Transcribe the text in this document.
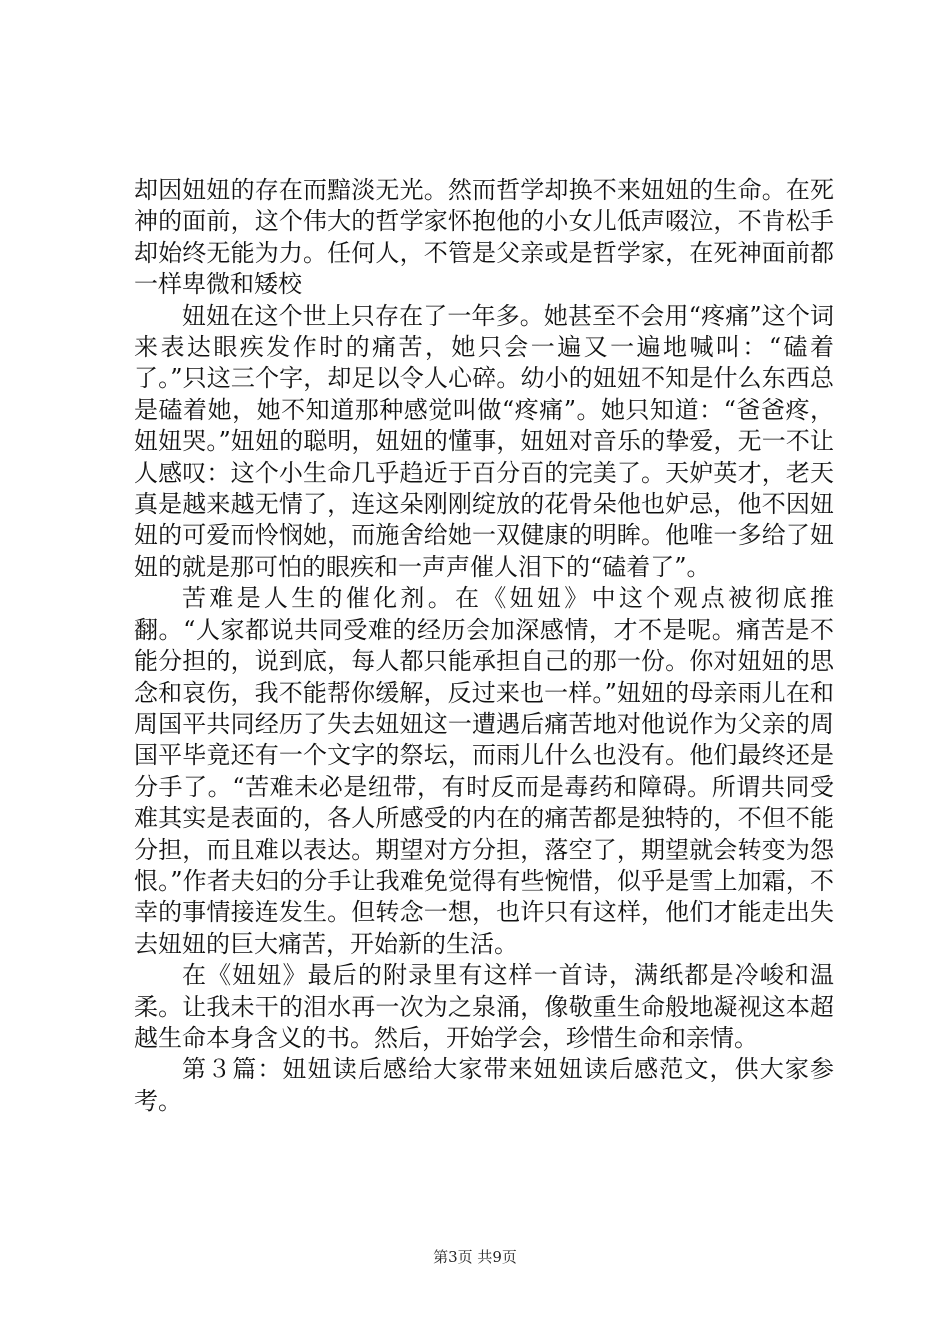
却因妞妞的存在而黯淡无光。然而哲学却换不来妞妞的生命。在死神的面前，这个伟大的哲学家怀抱他的小女儿低声啜泣，不肯松手却始终无能为力。任何人，不管是父亲或是哲学家，在死神面前都一样卑微和矮校

妞妞在这个世上只存在了一年多。她甚至不会用“疼痛”这个词来表达眼疾发作时的痛苦，她只会一遍又一遍地喊叫：“磕着了。”只这三个字，却足以令人心碎。幼小的妞妞不知是什么东西总是磕着她，她不知道那种感觉叫做“疼痛”。她只知道：“爸爸疼，妞妞哭。”妞妞的聪明，妞妞的懂事，妞妞对音乐的挚爱，无一不让人感叹：这个小生命几乎趋近于百分百的完美了。天妒英才，老天真是越来越无情了，连这朵刚刚绽放的花骨朵他也妒忌，他不因妞妞的可爱而怜悯她，而施舍给她一双健康的明眸。他唯一多给了妞妞的就是那可怕的眼疾和一声声催人泪下的“磕着了”。

苦难是人生的催化剂。在《妞妞》中这个观点被彻底推翻。“人家都说共同受难的经历会加深感情，才不是呢。痛苦是不能分担的，说到底，每人都只能承担自己的那一份。你对妞妞的思念和哀伤，我不能帮你缓解，反过来也一样。”妞妞的母亲雨儿在和周国平共同经历了失去妞妞这一遭遇后痛苦地对他说作为父亲的周国平毕竟还有一个文字的祭坛，而雨儿什么也没有。他们最终还是分手了。“苦难未必是纽带，有时反而是毒药和障碍。所谓共同受难其实是表面的，各人所感受的内在的痛苦都是独特的，不但不能分担，而且难以表达。期望对方分担，落空了，期望就会转变为怨恨。”作者夫妇的分手让我难免觉得有些惋惜，似乎是雪上加霜，不幸的事情接连发生。但转念一想，也许只有这样，他们才能走出失去妞妞的巨大痛苦，开始新的生活。

在《妞妞》最后的附录里有这样一首诗，满纸都是冷峻和温柔。让我未干的泪水再一次为之泉涌，像敬重生命般地凝视这本超越生命本身含义的书。然后，开始学会，珍惜生命和亲情。

第３篇：妞妞读后感给大家带来妞妞读后感范文，供大家参考。

第3页 共9页
